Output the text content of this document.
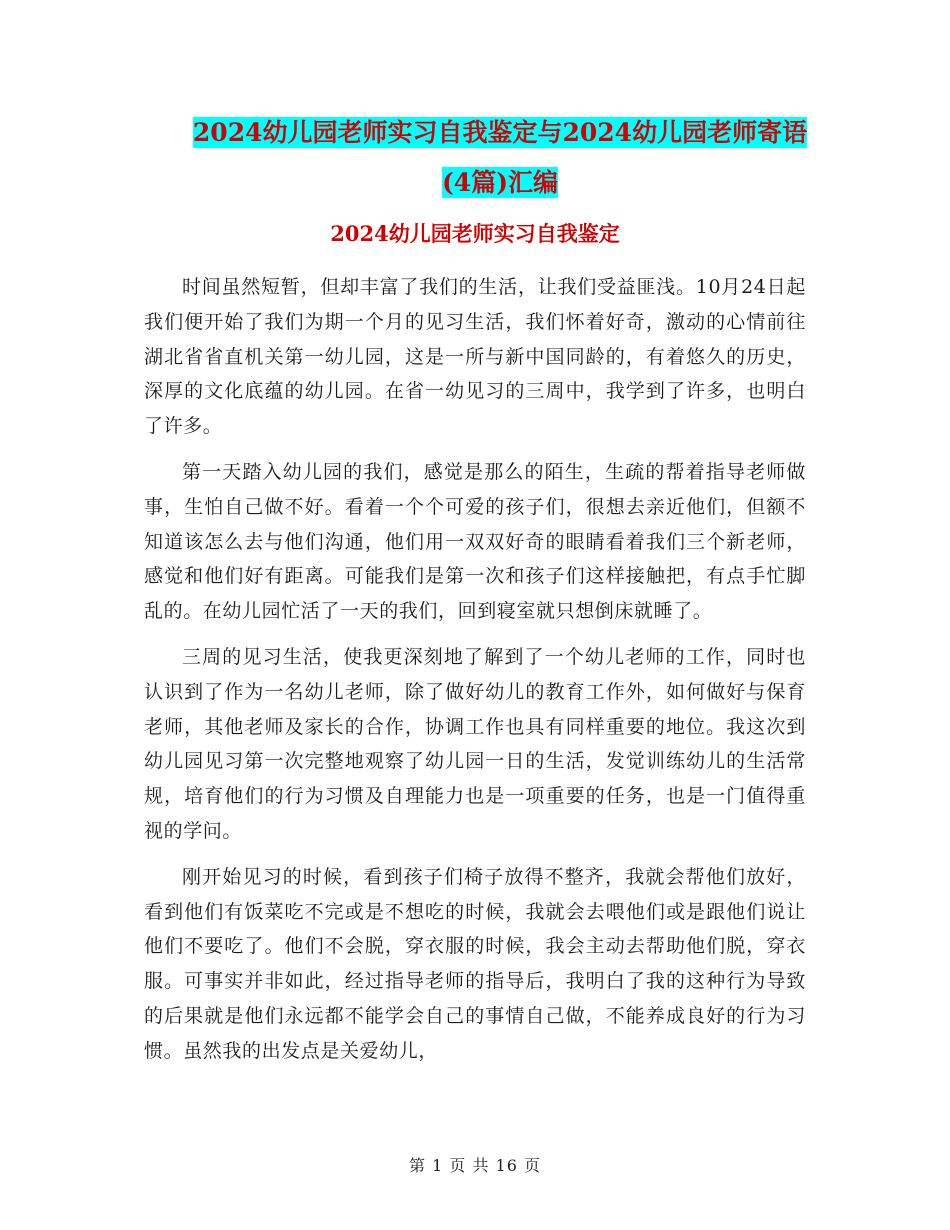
2024幼儿园老师实习自我鉴定与2024幼儿园老师寄语
(4篇)汇编
2024幼儿园老师实习自我鉴定

时间虽然短暂，但却丰富了我们的生活，让我们受益匪浅。10月24日起我们便开始了我们为期一个月的见习生活，我们怀着好奇，激动的心情前往湖北省省直机关第一幼儿园，这是一所与新中国同龄的，有着悠久的历史，深厚的文化底蕴的幼儿园。在省一幼见习的三周中，我学到了许多，也明白了许多。

第一天踏入幼儿园的我们，感觉是那么的陌生，生疏的帮着指导老师做事，生怕自己做不好。看着一个个可爱的孩子们，很想去亲近他们，但额不知道该怎么去与他们沟通，他们用一双双好奇的眼睛看着我们三个新老师，感觉和他们好有距离。可能我们是第一次和孩子们这样接触把，有点手忙脚乱的。在幼儿园忙活了一天的我们，回到寝室就只想倒床就睡了。

三周的见习生活，使我更深刻地了解到了一个幼儿老师的工作，同时也认识到了作为一名幼儿老师，除了做好幼儿的教育工作外，如何做好与保育老师，其他老师及家长的合作，协调工作也具有同样重要的地位。我这次到幼儿园见习第一次完整地观察了幼儿园一日的生活，发觉训练幼儿的生活常规，培育他们的行为习惯及自理能力也是一项重要的任务，也是一门值得重视的学问。

刚开始见习的时候，看到孩子们椅子放得不整齐，我就会帮他们放好，看到他们有饭菜吃不完或是不想吃的时候，我就会去喂他们或是跟他们说让他们不要吃了。他们不会脱，穿衣服的时候，我会主动去帮助他们脱，穿衣服。可事实并非如此，经过指导老师的指导后，我明白了我的这种行为导致的后果就是他们永远都不能学会自己的事情自己做，不能养成良好的行为习惯。虽然我的出发点是关爱幼儿，

第 1 页 共 16 页
